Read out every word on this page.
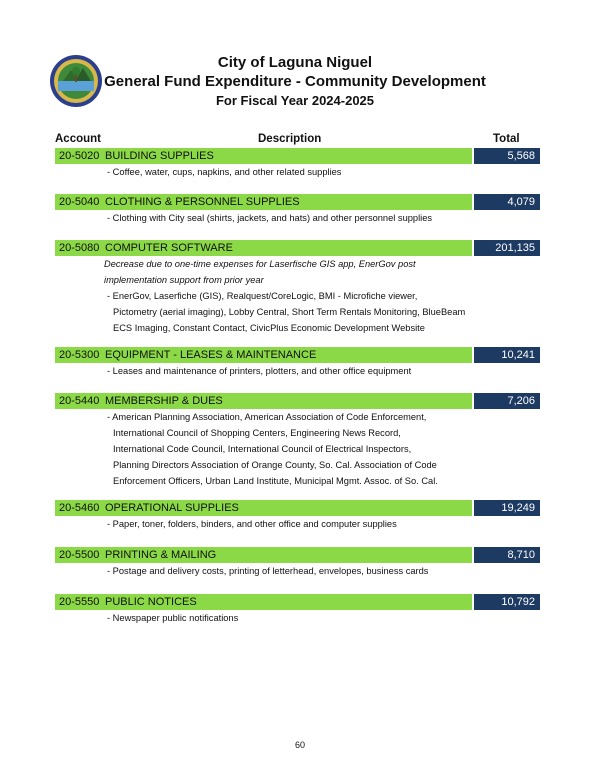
City of Laguna Niguel
General Fund Expenditure - Community Development
For Fiscal Year 2024-2025
Account	Description	Total
20-5020 BUILDING SUPPLIES	5,568
- Coffee, water, cups, napkins, and other related supplies
20-5040 CLOTHING & PERSONNEL SUPPLIES	4,079
- Clothing with City seal (shirts, jackets, and hats) and other personnel supplies
20-5080 COMPUTER SOFTWARE	201,135
Decrease due to one-time expenses for Laserfische GIS app, EnerGov post
implementation support from prior year
- EnerGov, Laserfiche (GIS), Realquest/CoreLogic, BMI - Microfiche viewer,
Pictometry (aerial imaging), Lobby Central, Short Term Rentals Monitoring, BlueBeam
ECS Imaging, Constant Contact, CivicPlus Economic Development Website
20-5300 EQUIPMENT - LEASES & MAINTENANCE	10,241
- Leases and maintenance of printers, plotters, and other office equipment
20-5440 MEMBERSHIP & DUES	7,206
- American Planning Association, American Association of Code Enforcement,
International Council of Shopping Centers, Engineering News Record,
International Code Council, International Council of Electrical Inspectors,
Planning Directors Association of Orange County, So. Cal. Association of Code
Enforcement Officers, Urban Land Institute, Municipal Mgmt. Assoc. of So. Cal.
20-5460 OPERATIONAL SUPPLIES	19,249
- Paper, toner, folders, binders, and other office and computer supplies
20-5500 PRINTING & MAILING	8,710
- Postage and delivery costs, printing of letterhead, envelopes, business cards
20-5550 PUBLIC NOTICES	10,792
- Newspaper public notifications
60
